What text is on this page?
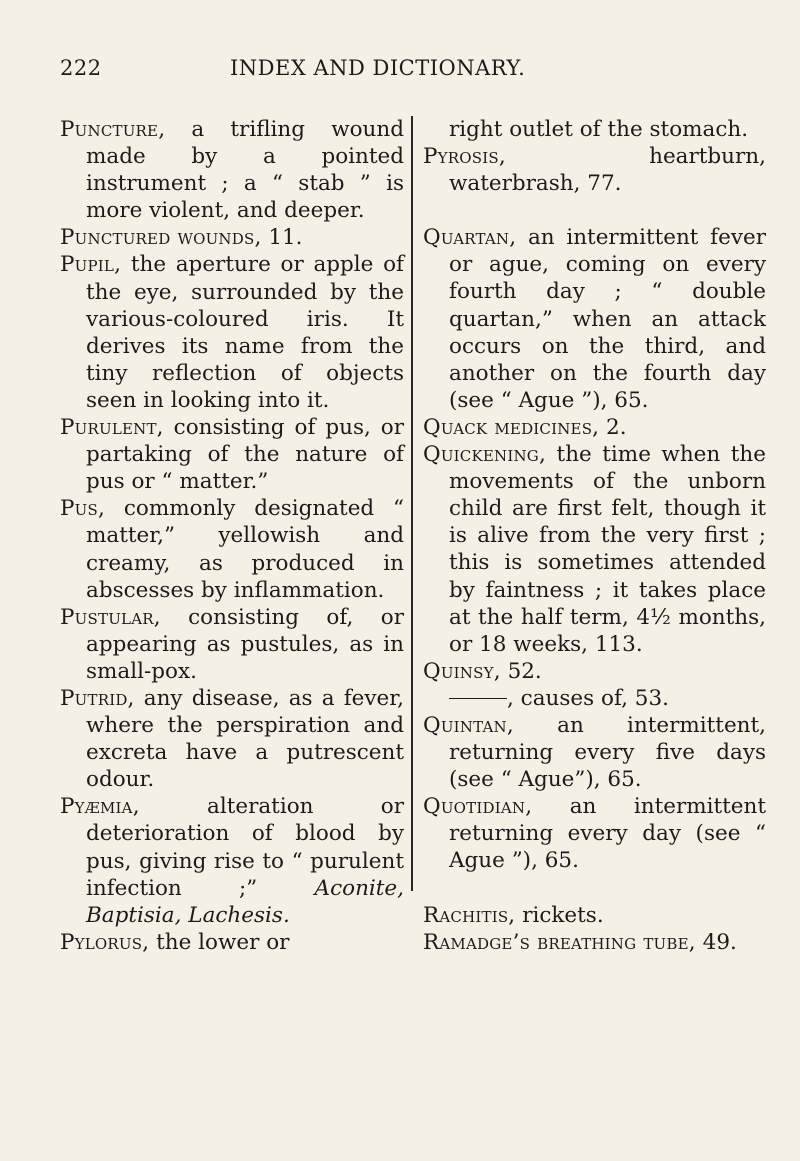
222	INDEX AND DICTIONARY.

Puncture, a trifling wound made by a pointed instrument ; a “ stab ” is more violent, and deeper.

Punctured wounds, 11.

Pupil, the aperture or apple of the eye, surrounded by the various-coloured iris. It derives its name from the tiny reflection of objects seen in looking into it.

Purulent, consisting of pus, or partaking of the nature of pus or “ matter.”

Pus, commonly designated “ matter,” yellowish and creamy, as produced in abscesses by inflammation.

Pustular, consisting of, or appearing as pustules, as in small-pox.

Putrid, any disease, as a fever, where the perspiration and excreta have a putrescent odour.

Pyæmia, alteration or deterioration of blood by pus, giving rise to “ purulent infection ;” Aconite, Baptisia, Lachesis.

Pylorus, the lower or

right outlet of the stomach.

Pyrosis, heartburn, waterbrash, 77.

Quartan, an intermittent fever or ague, coming on every fourth day ; “ double quartan,” when an attack occurs on the third, and another on the fourth day (see “ Ague ”), 65.

Quack medicines, 2.

Quickening, the time when the movements of the unborn child are first felt, though it is alive from the very first ; this is sometimes attended by faintness ; it takes place at the half term, 4½ months, or 18 weeks, 113.

Quinsy, 52.

, causes of, 53.

Quintan, an intermittent, returning every five days (see “ Ague”), 65.

Quotidian, an intermittent returning every day (see “ Ague ”), 65.

Rachitis, rickets.

Ramadge’s breathing tube, 49.
